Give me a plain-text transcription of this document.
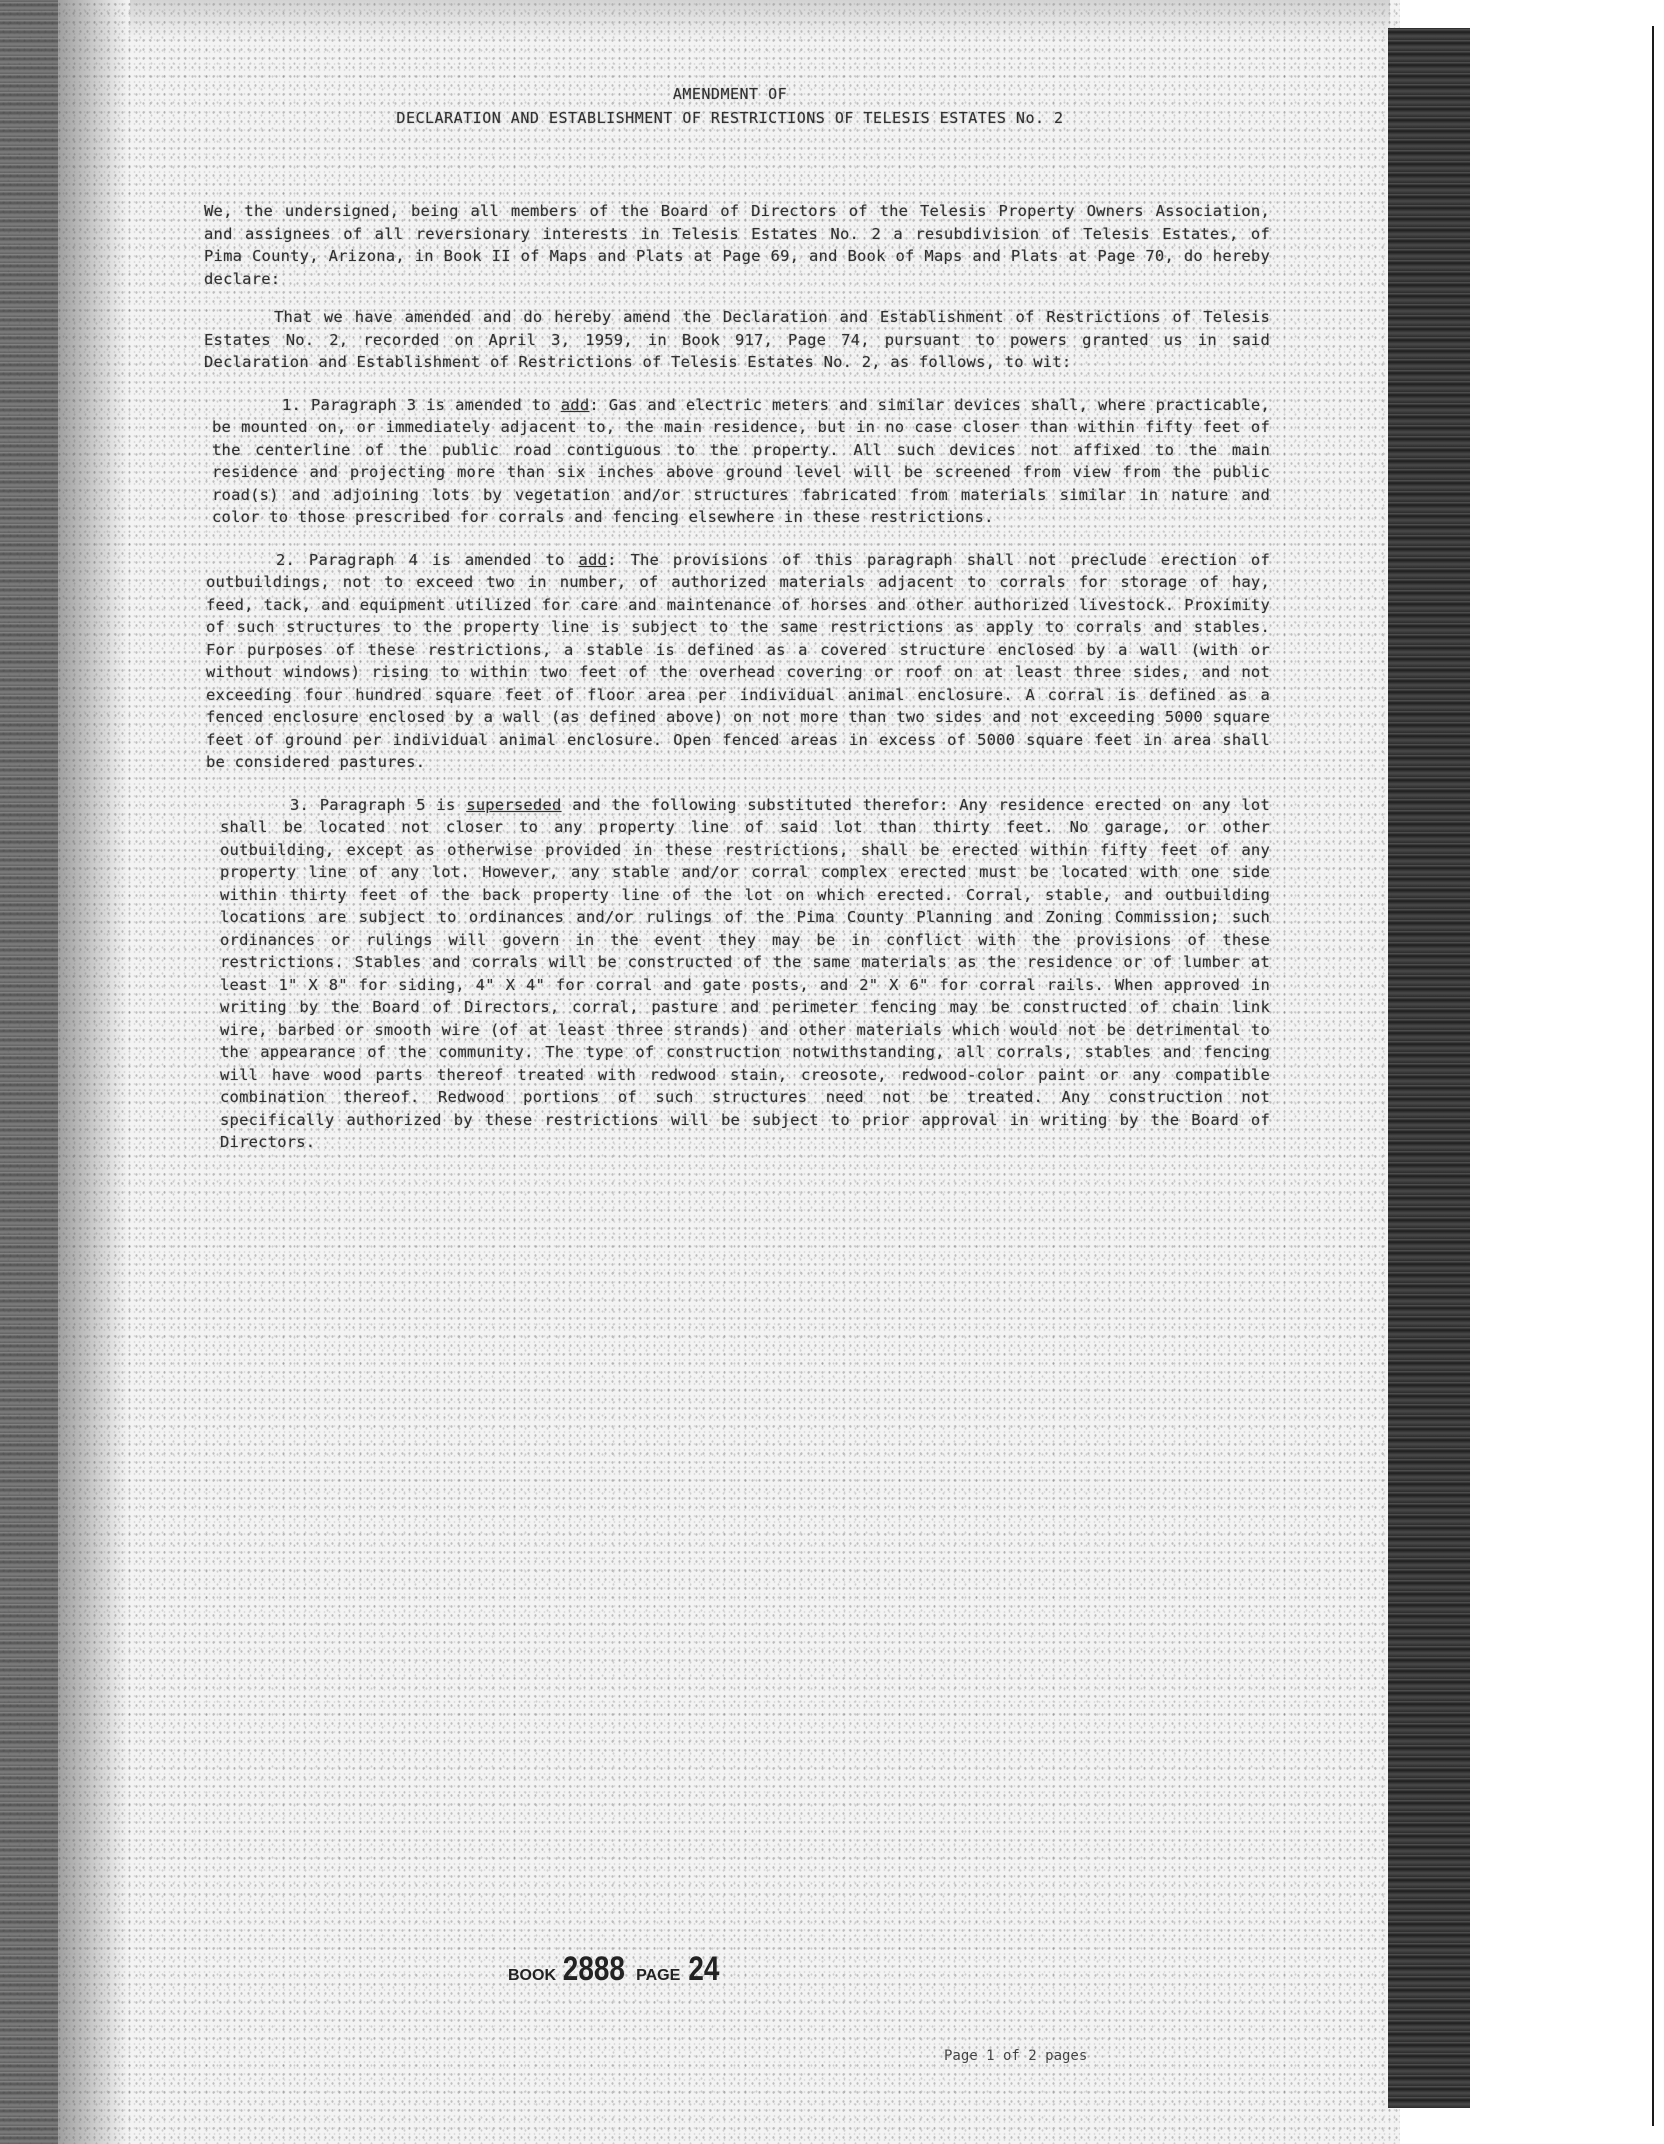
AMENDMENT OF

DECLARATION AND ESTABLISHMENT OF RESTRICTIONS OF TELESIS ESTATES No. 2

We, the undersigned, being all members of the Board of Directors of the Telesis Property Owners Association, and assignees of all reversionary interests in Telesis Estates No. 2 a resubdivision of Telesis Estates, of Pima County, Arizona, in Book II of Maps and Plats at Page 69, and Book of Maps and Plats at Page 70, do hereby declare:

That we have amended and do hereby amend the Declaration and Establishment of Restrictions of Telesis Estates No. 2, recorded on April 3, 1959, in Book 917, Page 74, pursuant to powers granted us in said Declaration and Establishment of Restrictions of Telesis Estates No. 2, as follows, to wit:

1. Paragraph 3 is amended to add: Gas and electric meters and similar devices shall, where practicable, be mounted on, or immediately adjacent to, the main residence, but in no case closer than within fifty feet of the centerline of the public road contiguous to the property. All such devices not affixed to the main residence and projecting more than six inches above ground level will be screened from view from the public road(s) and adjoining lots by vegetation and/or structures fabricated from materials similar in nature and color to those prescribed for corrals and fencing elsewhere in these restrictions.

2. Paragraph 4 is amended to add: The provisions of this paragraph shall not preclude erection of outbuildings, not to exceed two in number, of authorized materials adjacent to corrals for storage of hay, feed, tack, and equipment utilized for care and maintenance of horses and other authorized livestock. Proximity of such structures to the property line is subject to the same restrictions as apply to corrals and stables. For purposes of these restrictions, a stable is defined as a covered structure enclosed by a wall (with or without windows) rising to within two feet of the overhead covering or roof on at least three sides, and not exceeding four hundred square feet of floor area per individual animal enclosure. A corral is defined as a fenced enclosure enclosed by a wall (as defined above) on not more than two sides and not exceeding 5000 square feet of ground per individual animal enclosure. Open fenced areas in excess of 5000 square feet in area shall be considered pastures.

3. Paragraph 5 is superseded and the following substituted therefor: Any residence erected on any lot shall be located not closer to any property line of said lot than thirty feet. No garage, or other outbuilding, except as otherwise provided in these restrictions, shall be erected within fifty feet of any property line of any lot. However, any stable and/or corral complex erected must be located with one side within thirty feet of the back property line of the lot on which erected. Corral, stable, and outbuilding locations are subject to ordinances and/or rulings of the Pima County Planning and Zoning Commission; such ordinances or rulings will govern in the event they may be in conflict with the provisions of these restrictions. Stables and corrals will be constructed of the same materials as the residence or of lumber at least 1" X 8" for siding, 4" X 4" for corral and gate posts, and 2" X 6" for corral rails. When approved in writing by the Board of Directors, corral, pasture and perimeter fencing may be constructed of chain link wire, barbed or smooth wire (of at least three strands) and other materials which would not be detrimental to the appearance of the community. The type of construction notwithstanding, all corrals, stables and fencing will have wood parts thereof treated with redwood stain, creosote, redwood-color paint or any compatible combination thereof. Redwood portions of such structures need not be treated. Any construction not specifically authorized by these restrictions will be subject to prior approval in writing by the Board of Directors.

BOOK 2888 PAGE 24
Page 1 of 2 pages
